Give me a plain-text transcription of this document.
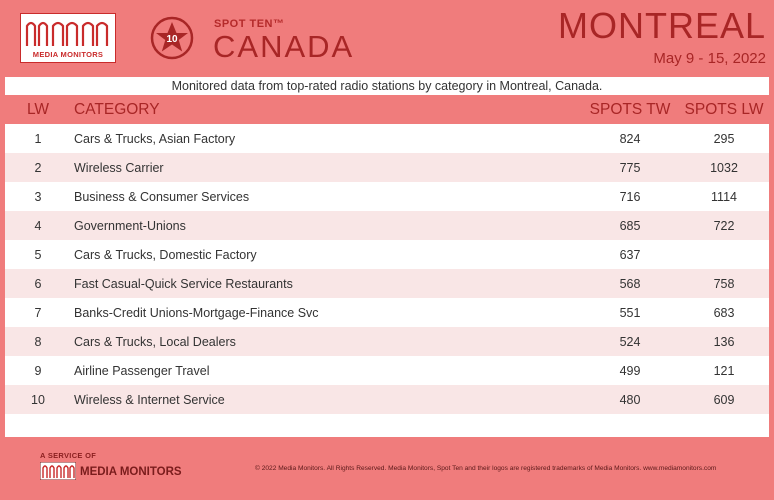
MEDIA MONITORS
10
SPOT TEN™
CANADA
MONTREAL
May 9 - 15, 2022
Monitored data from top-rated radio stations by category in Montreal, Canada.
LW	CATEGORY	SPOTS TW SPOTS LW
1	Cars & Trucks, Asian Factory	824	295
2	Wireless Carrier	775	1032
3	Business & Consumer Services	716	1114
4	Government-Unions	685	722
5	Cars & Trucks, Domestic Factory	637
6	Fast Casual-Quick Service Restaurants	568	758
7	Banks-Credit Unions-Mortgage-Finance Svc	551	683
8	Cars & Trucks, Local Dealers	524	136
9	Airline Passenger Travel	499	121
10	Wireless & Internet Service	480	609
A SERVICE OF
MEDIA MONITORS	© 2022 Media Monitors. All Rights Reserved. Media Monitors, Spot Ten and their logos are registered trademarks of Media Monitors. www.mediamonitors.com
